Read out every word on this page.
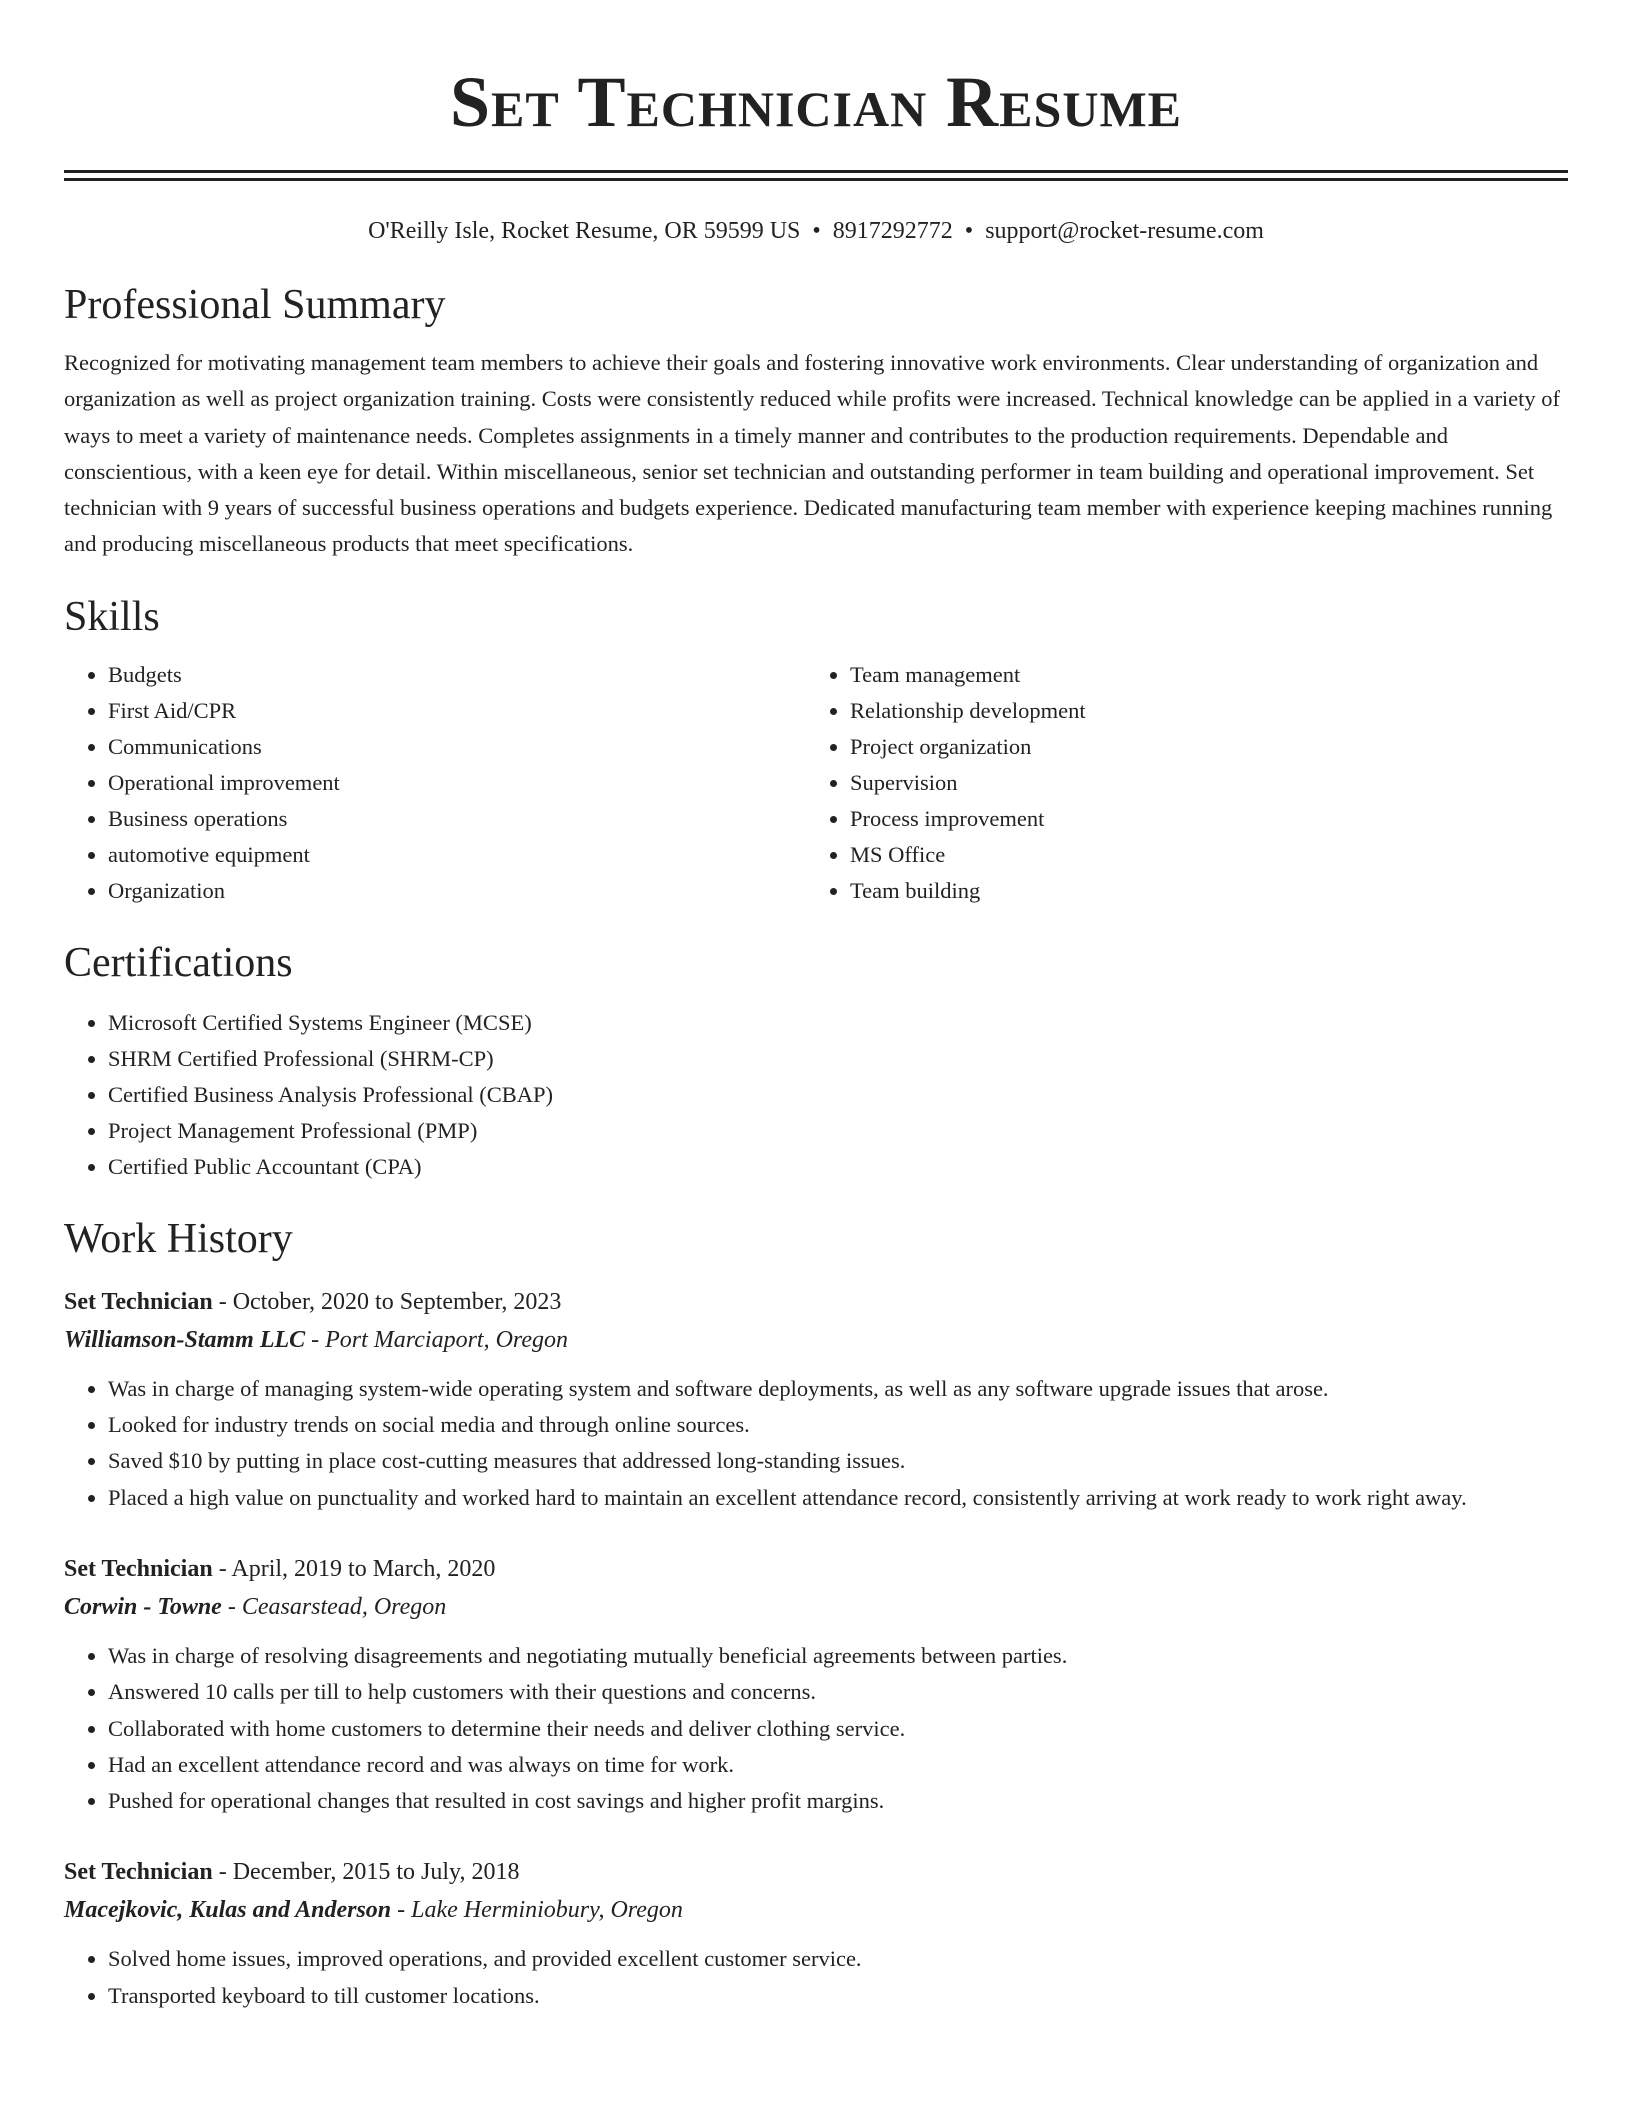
Set Technician Resume
O'Reilly Isle, Rocket Resume, OR 59599 US • 8917292772 • support@rocket-resume.com
Professional Summary
Recognized for motivating management team members to achieve their goals and fostering innovative work environments. Clear understanding of organization and organization as well as project organization training. Costs were consistently reduced while profits were increased. Technical knowledge can be applied in a variety of ways to meet a variety of maintenance needs. Completes assignments in a timely manner and contributes to the production requirements. Dependable and conscientious, with a keen eye for detail. Within miscellaneous, senior set technician and outstanding performer in team building and operational improvement. Set technician with 9 years of successful business operations and budgets experience. Dedicated manufacturing team member with experience keeping machines running and producing miscellaneous products that meet specifications.
Skills
• Budgets
• First Aid/CPR
• Communications
• Operational improvement
• Business operations
• automotive equipment
• Organization
• Team management
• Relationship development
• Project organization
• Supervision
• Process improvement
• MS Office
• Team building
Certifications
• Microsoft Certified Systems Engineer (MCSE)
• SHRM Certified Professional (SHRM-CP)
• Certified Business Analysis Professional (CBAP)
• Project Management Professional (PMP)
• Certified Public Accountant (CPA)
Work History
Set Technician - October, 2020 to September, 2023
Williamson-Stamm LLC - Port Marciaport, Oregon
• Was in charge of managing system-wide operating system and software deployments, as well as any software upgrade issues that arose.
• Looked for industry trends on social media and through online sources.
• Saved $10 by putting in place cost-cutting measures that addressed long-standing issues.
• Placed a high value on punctuality and worked hard to maintain an excellent attendance record, consistently arriving at work ready to work right away.
Set Technician - April, 2019 to March, 2020
Corwin - Towne - Ceasarstead, Oregon
• Was in charge of resolving disagreements and negotiating mutually beneficial agreements between parties.
• Answered 10 calls per till to help customers with their questions and concerns.
• Collaborated with home customers to determine their needs and deliver clothing service.
• Had an excellent attendance record and was always on time for work.
• Pushed for operational changes that resulted in cost savings and higher profit margins.
Set Technician - December, 2015 to July, 2018
Macejkovic, Kulas and Anderson - Lake Herminiobury, Oregon
• Solved home issues, improved operations, and provided excellent customer service.
• Transported keyboard to till customer locations.
